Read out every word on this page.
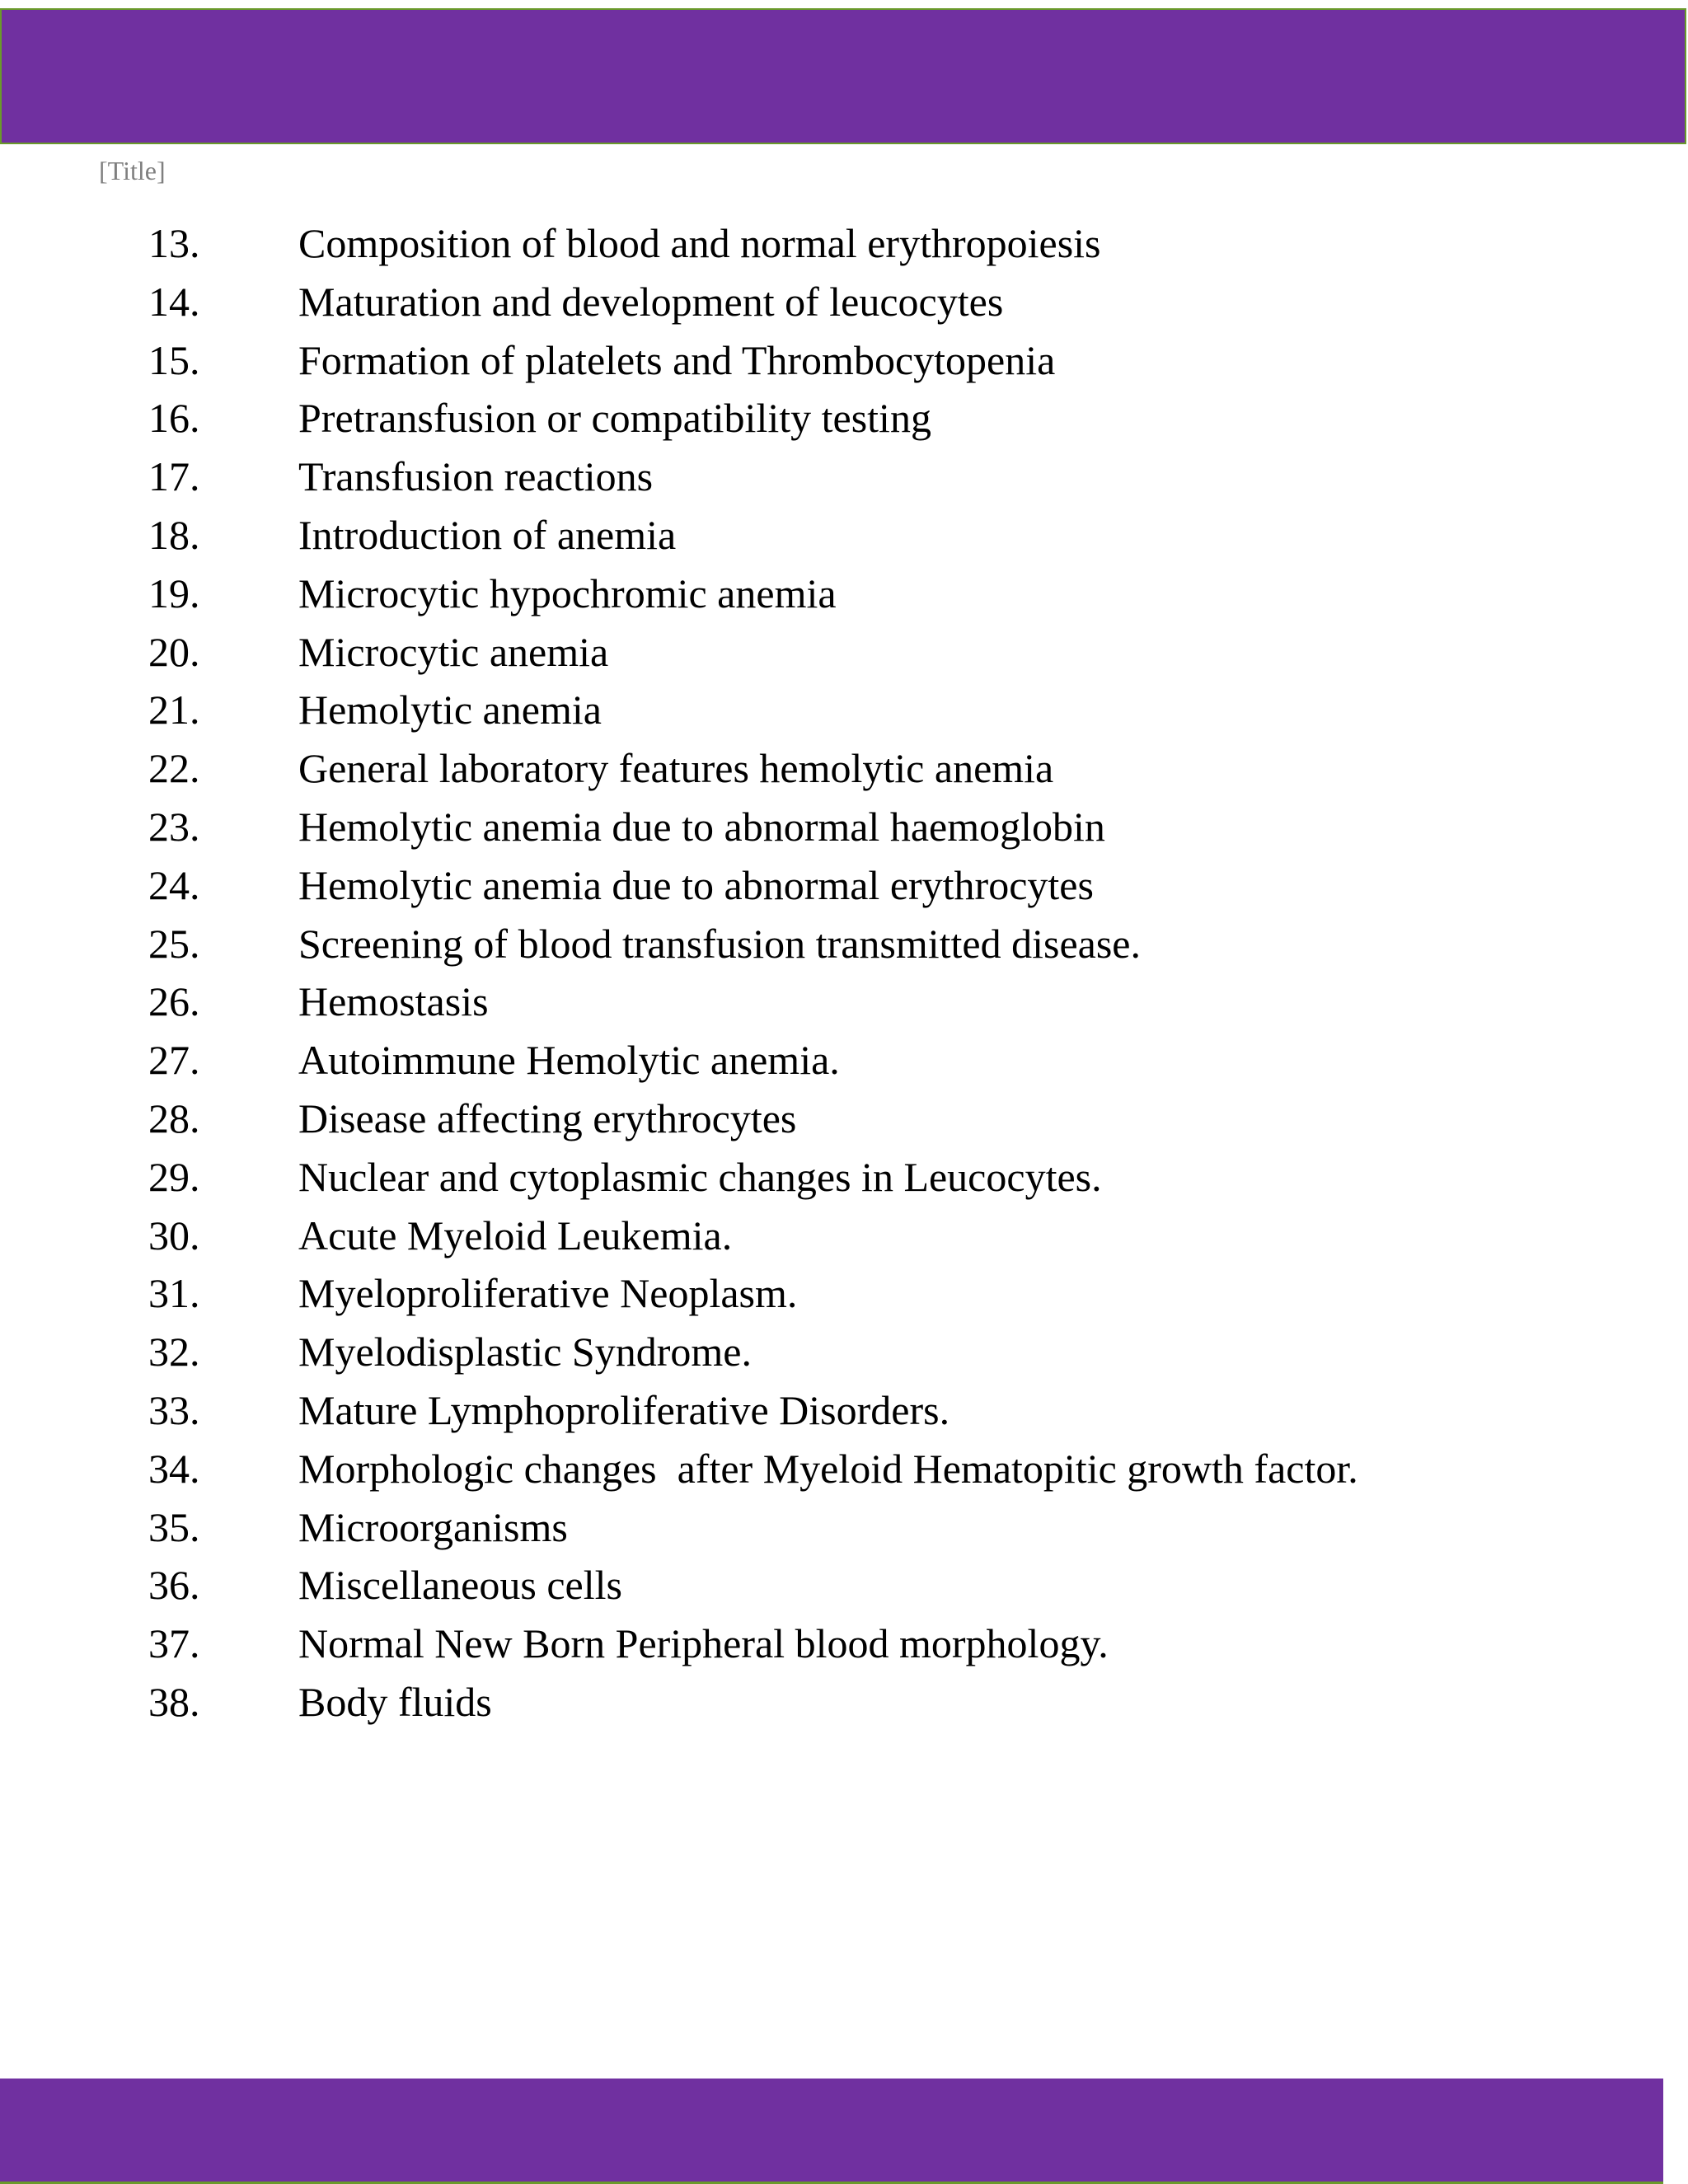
[Title]
13. Composition of blood and normal erythropoiesis
14. Maturation and development of leucocytes
15. Formation of platelets and Thrombocytopenia
16. Pretransfusion or compatibility testing
17. Transfusion reactions
18. Introduction of anemia
19. Microcytic hypochromic anemia
20. Microcytic anemia
21. Hemolytic anemia
22. General laboratory features hemolytic anemia
23. Hemolytic anemia due to abnormal haemoglobin
24. Hemolytic anemia due to abnormal erythrocytes
25. Screening of blood transfusion transmitted disease.
26. Hemostasis
27. Autoimmune Hemolytic anemia.
28. Disease affecting erythrocytes
29. Nuclear and cytoplasmic changes in Leucocytes.
30. Acute Myeloid Leukemia.
31. Myeloproliferative Neoplasm.
32. Myelodisplastic Syndrome.
33. Mature Lymphoproliferative Disorders.
34. Morphologic changes  after Myeloid Hematopitic growth factor.
35. Microorganisms
36. Miscellaneous cells
37. Normal New Born Peripheral blood morphology.
38. Body fluids
